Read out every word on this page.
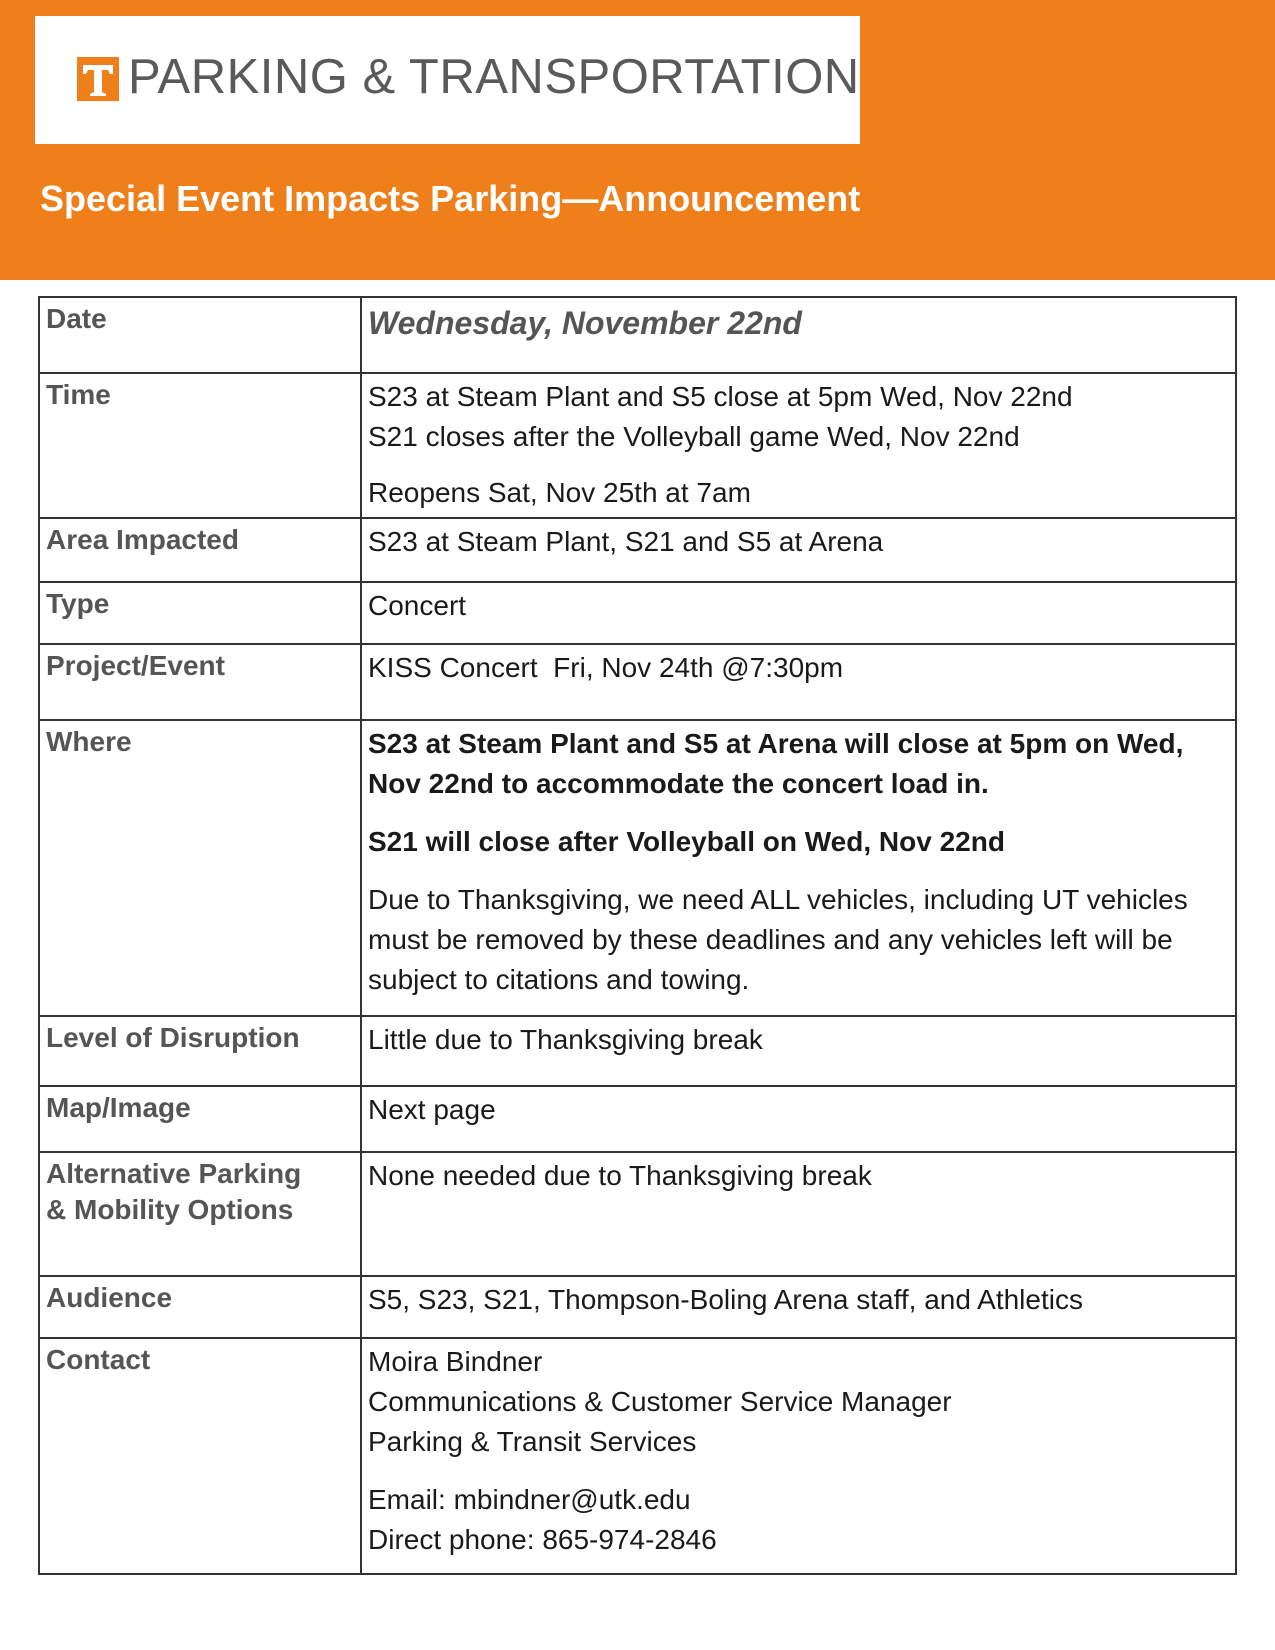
PARKING & TRANSPORTATION
Special Event Impacts Parking—Announcement
Date	Wednesday, November 22nd

Time	S23 at Steam Plant and S5 close at 5pm Wed, Nov 22nd

S21 closes after the Volleyball game Wed, Nov 22nd

Reopens Sat, Nov 25th at 7am

Area Impacted	S23 at Steam Plant, S21 and S5 at Arena
Type	Concert
Project/Event	KISS Concert  Fri, Nov 24th @7:30pm
Where	S23 at Steam Plant and S5 at Arena will close at 5pm on Wed, Nov 22nd to accommodate the concert load in.

S21 will close after Volleyball on Wed, Nov 22nd

Due to Thanksgiving, we need ALL vehicles, including UT vehicles must be removed by these deadlines and any vehicles left will be subject to citations and towing.

Level of Disruption	Little due to Thanksgiving break
Map/Image	Next page

Alternative Parking
& Mobility Options	None needed due to Thanksgiving break
Audience	S5, S23, S21, Thompson-Boling Arena staff, and Athletics
Contact	Moira Bindner

Communications & Customer Service Manager

Parking & Transit Services

Email: mbindner@utk.edu

Direct phone: 865-974-2846
